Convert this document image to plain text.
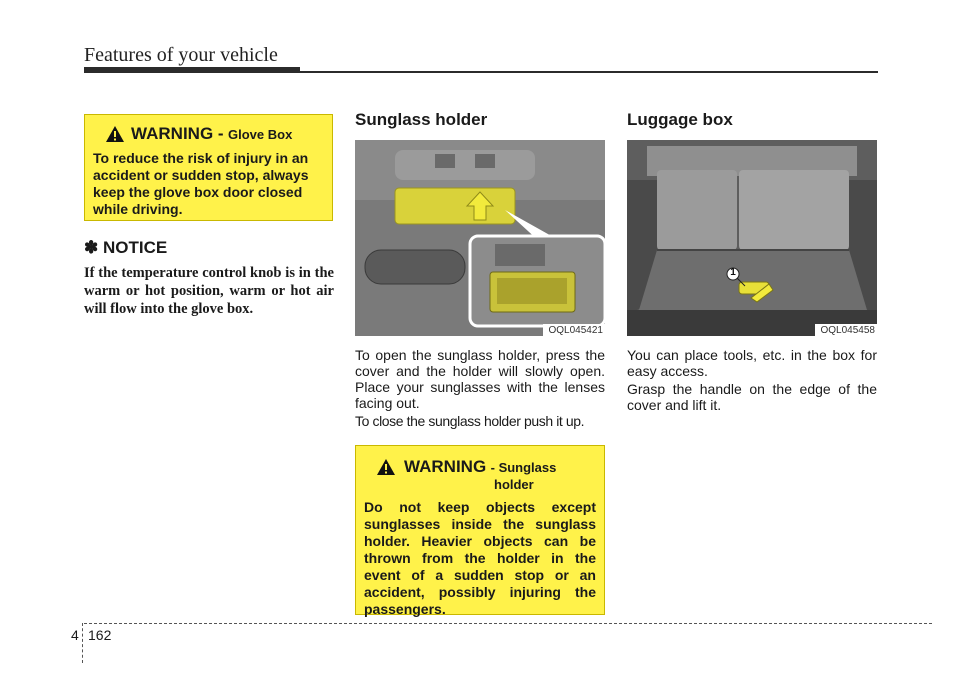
Features of your vehicle
WARNING - Glove Box
To reduce the risk of injury in an accident or sudden stop, always keep the glove box door closed while driving.
✽ NOTICE
If the temperature control knob is in the warm or hot position, warm or hot air will flow into the glove box.
Sunglass holder
OQL045421
To open the sunglass holder, press the cover and the holder will slowly open. Place your sunglasses with the lenses facing out.
To close the sunglass holder push it up.
WARNING - Sunglass
holder
Do not keep objects except sunglasses inside the sunglass holder. Heavier objects can be thrown from the holder in the event of a sudden stop or an accident, possibly injuring the passengers.
Luggage box
1
OQL045458
You can place tools, etc. in the box for easy access.
Grasp the handle on the edge of the cover and lift it.
4 162
